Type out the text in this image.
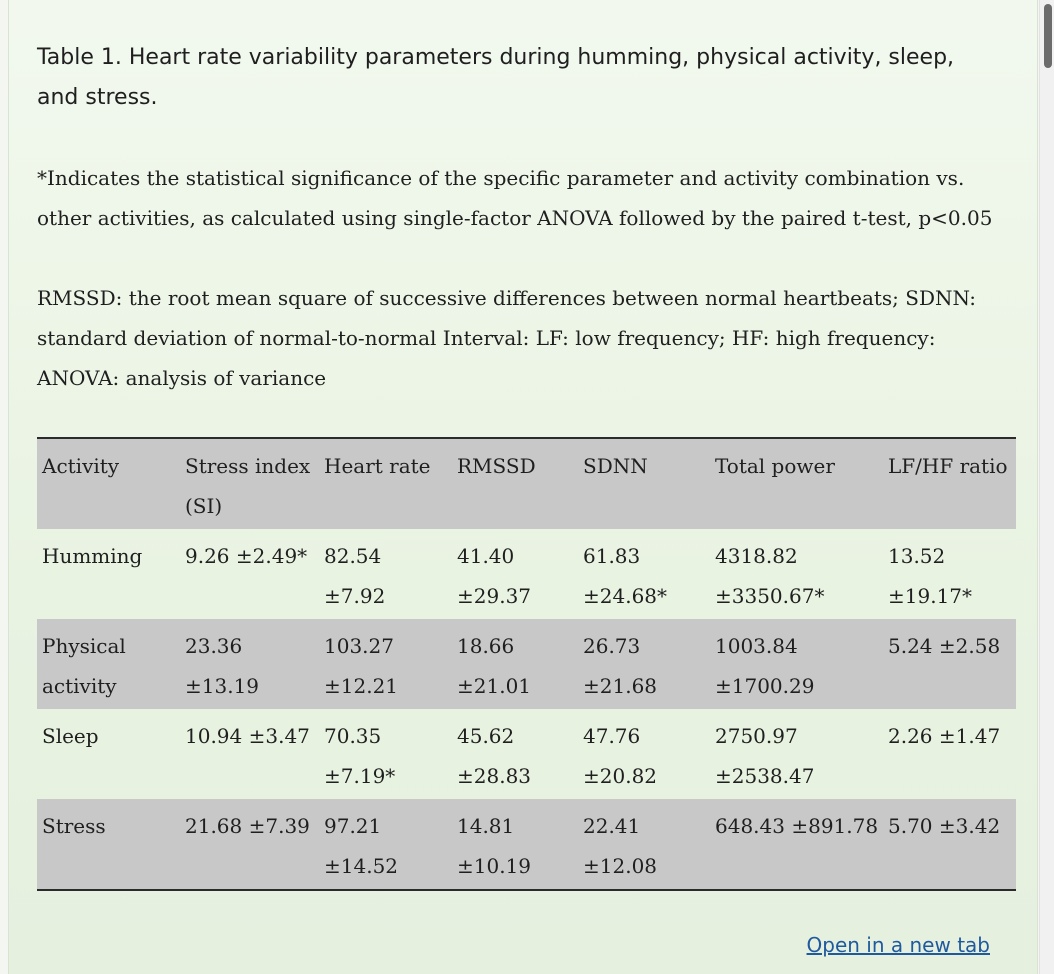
Table 1. Heart rate variability parameters during humming, physical activity, sleep, and stress.

*Indicates the statistical significance of the specific parameter and activity combination vs. other activities, as calculated using single-factor ANOVA followed by the paired t-test, p<0.05

RMSSD: the root mean square of successive differences between normal heartbeats; SDNN: standard deviation of normal-to-normal Interval: LF: low frequency; HF: high frequency: ANOVA: analysis of variance

Activity	Stress index (SI)	Heart rate	RMSSD	SDNN	Total power	LF/HF ratio
Humming	9.26 ±2.49*	82.54 ±7.92	41.40 ±29.37	61.83 ±24.68*	4318.82 ±3350.67*	13.52 ±19.17*
Physical activity	23.36 ±13.19	103.27 ±12.21	18.66 ±21.01	26.73 ±21.68	1003.84 ±1700.29	5.24 ±2.58
Sleep	10.94 ±3.47	70.35 ±7.19*	45.62 ±28.83	47.76 ±20.82	2750.97 ±2538.47	2.26 ±1.47
Stress	21.68 ±7.39	97.21 ±14.52	14.81 ±10.19	22.41 ±12.08	648.43 ±891.78	5.70 ±3.42
Open in a new tab
